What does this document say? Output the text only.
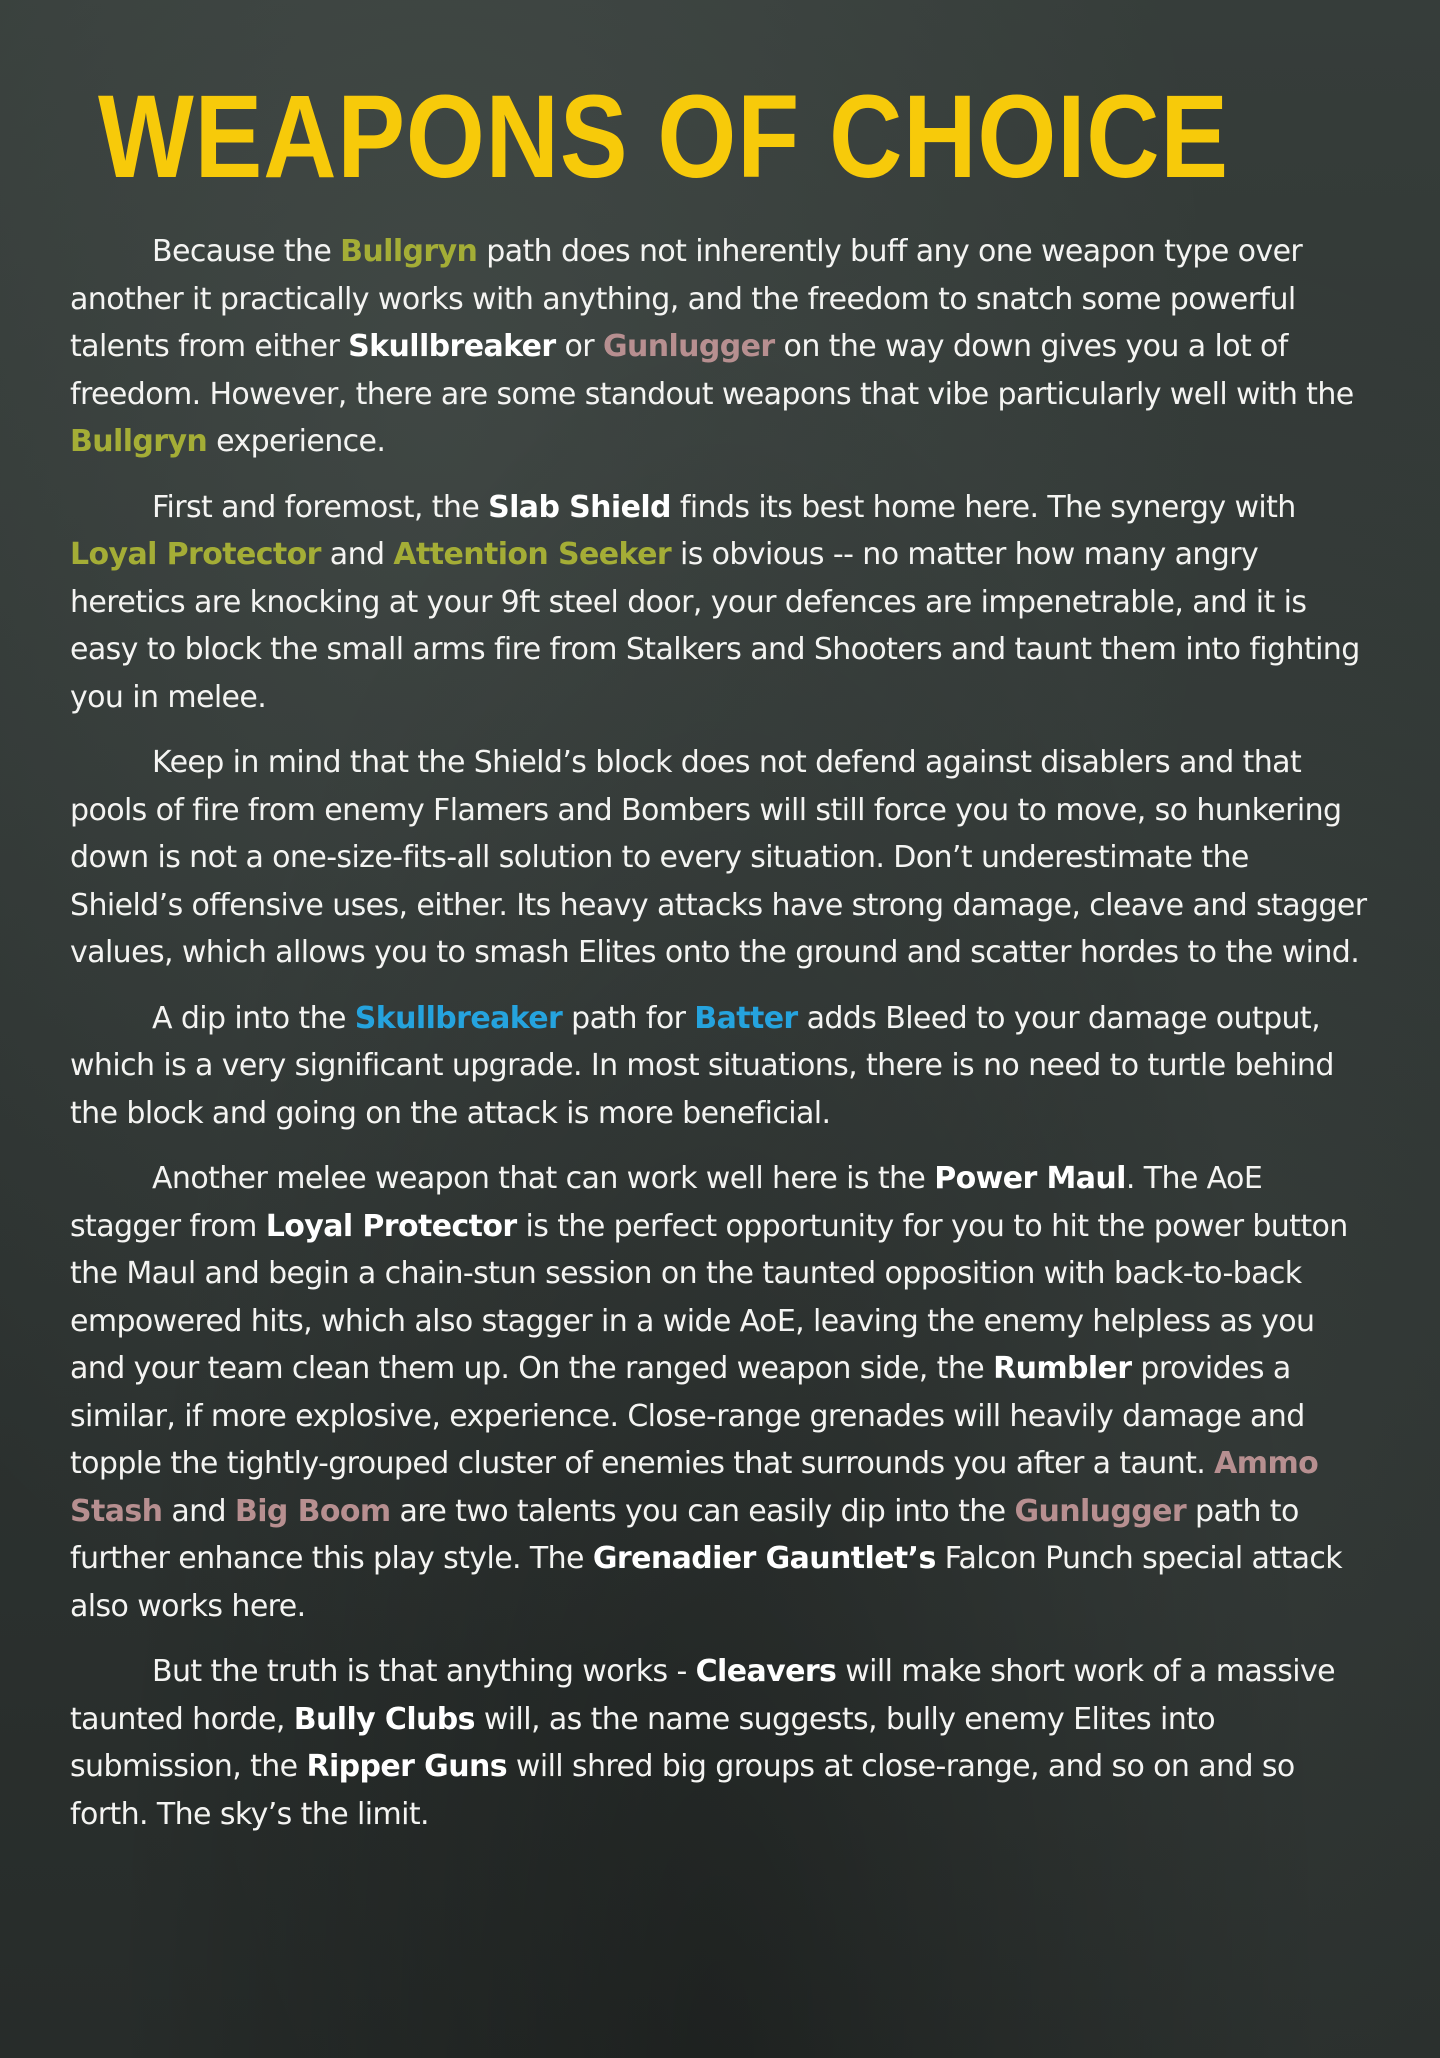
WEAPONS OF CHOICE

Because the Bullgryn path does not inherently buff any one weapon type over another it practically works with anything, and the freedom to snatch some powerful talents from either Skullbreaker or Gunlugger on the way down gives you a lot of freedom. However, there are some standout weapons that vibe particularly well with the Bullgryn experience.

First and foremost, the Slab Shield finds its best home here. The synergy with Loyal Protector and Attention Seeker is obvious -- no matter how many angry heretics are knocking at your 9ft steel door, your defences are impenetrable, and it is easy to block the small arms fire from Stalkers and Shooters and taunt them into fighting you in melee.

Keep in mind that the Shield’s block does not defend against disablers and that pools of fire from enemy Flamers and Bombers will still force you to move, so hunkering down is not a one-size-fits-all solution to every situation. Don’t underestimate the Shield’s offensive uses, either. Its heavy attacks have strong damage, cleave and stagger values, which allows you to smash Elites onto the ground and scatter hordes to the wind.

A dip into the Skullbreaker path for Batter adds Bleed to your damage output, which is a very significant upgrade. In most situations, there is no need to turtle behind the block and going on the attack is more beneficial.

Another melee weapon that can work well here is the Power Maul. The AoE stagger from Loyal Protector is the perfect opportunity for you to hit the power button the Maul and begin a chain-stun session on the taunted opposition with back-to-back empowered hits, which also stagger in a wide AoE, leaving the enemy helpless as you and your team clean them up. On the ranged weapon side, the Rumbler provides a similar, if more explosive, experience. Close-range grenades will heavily damage and topple the tightly-grouped cluster of enemies that surrounds you after a taunt. Ammo Stash and Big Boom are two talents you can easily dip into the Gunlugger path to further enhance this play style. The Grenadier Gauntlet’s Falcon Punch special attack also works here.

But the truth is that anything works - Cleavers will make short work of a massive taunted horde, Bully Clubs will, as the name suggests, bully enemy Elites into submission, the Ripper Guns will shred big groups at close-range, and so on and so forth. The sky’s the limit.
